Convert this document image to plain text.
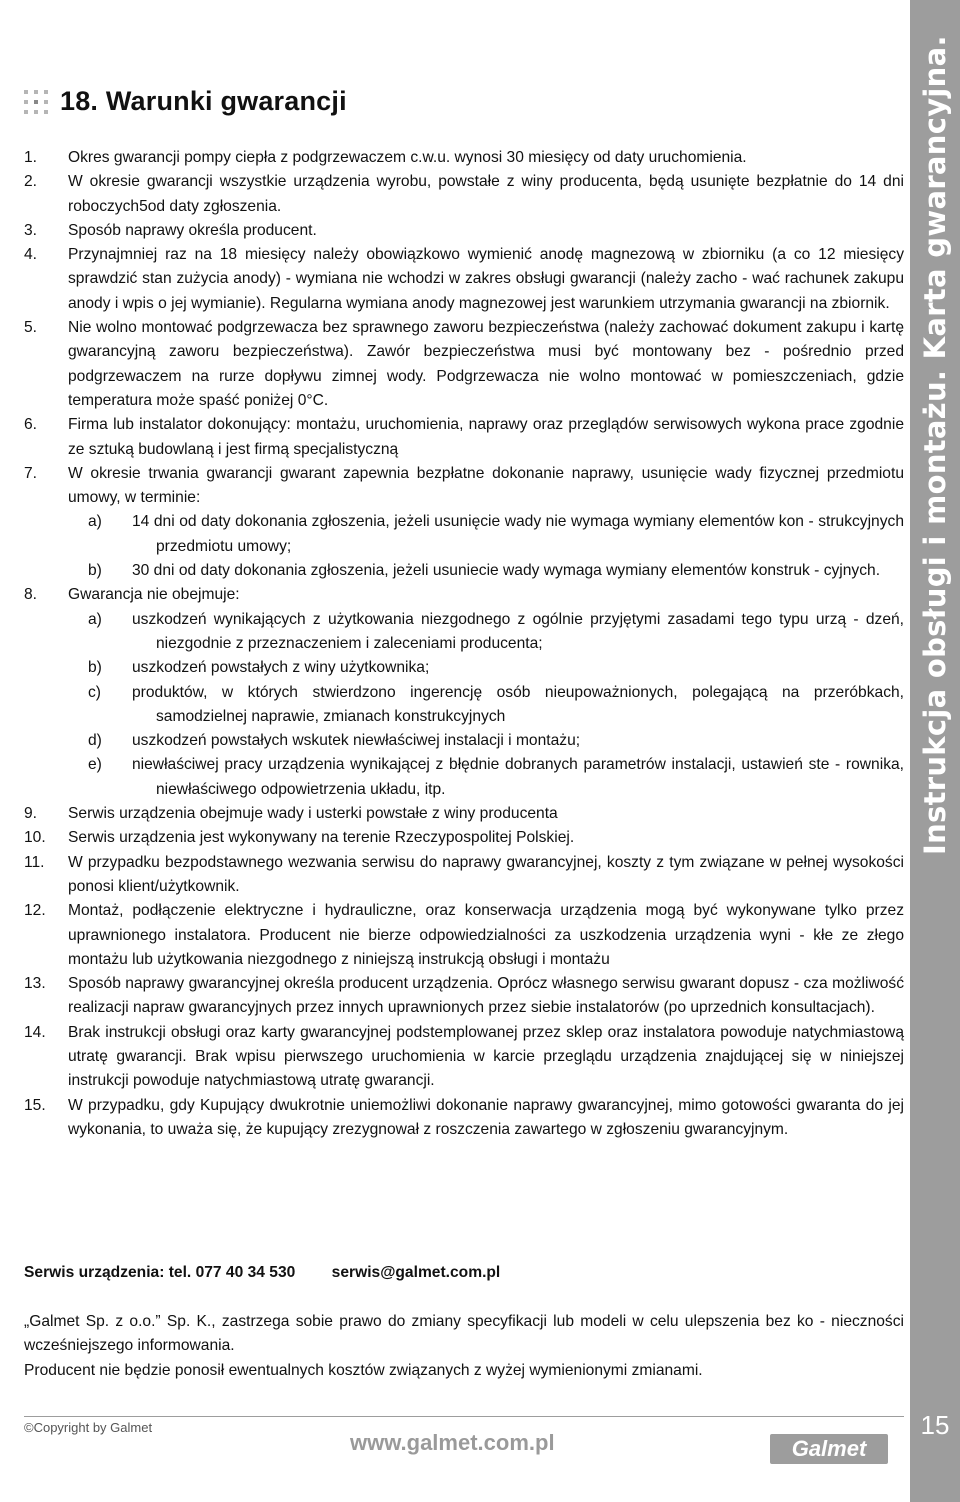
Instrukcja obsługi i montażu. Karta gwarancyjna.
15
18. Warunki gwarancji
1. Okres gwarancji pompy ciepła z podgrzewaczem c.w.u. wynosi 30 miesięcy od daty uruchomienia.
2. W okresie gwarancji wszystkie urządzenia wyrobu, powstałe z winy producenta, będą usunięte bezpłatnie do 14 dni roboczych5od daty zgłoszenia.
3. Sposób naprawy określa producent.
4. Przynajmniej raz na 18 miesięcy należy obowiązkowo wymienić anodę magnezową w zbiorniku (a co 12 miesięcy sprawdzić stan zużycia anody) - wymiana nie wchodzi w zakres obsługi gwarancji (należy zacho - wać rachunek zakupu anody i wpis o jej wymianie). Regularna wymiana anody magnezowej jest warunkiem utrzymania gwarancji na zbiornik.
5. Nie wolno montować podgrzewacza bez sprawnego zaworu bezpieczeństwa (należy zachować dokument zakupu i kartę gwarancyjną zaworu bezpieczeństwa). Zawór bezpieczeństwa musi być montowany bez - pośrednio przed podgrzewaczem na rurze dopływu zimnej wody. Podgrzewacza nie wolno montować w pomieszczeniach, gdzie temperatura może spaść poniżej 0°C.
6. Firma lub instalator dokonujący: montażu, uruchomienia, naprawy oraz przeglądów serwisowych wykona prace zgodnie ze sztuką budowlaną i jest firmą specjalistyczną
7. W okresie trwania gwarancji gwarant zapewnia bezpłatne dokonanie naprawy, usunięcie wady fizycznej przedmiotu umowy, w terminie:
a) 14 dni od daty dokonania zgłoszenia, jeżeli usunięcie wady nie wymaga wymiany elementów kon - strukcyjnych przedmiotu umowy;
b) 30 dni od daty dokonania zgłoszenia, jeżeli usuniecie wady wymaga wymiany elementów konstruk - cyjnych.
8. Gwarancja nie obejmuje:
a) uszkodzeń wynikających z użytkowania niezgodnego z ogólnie przyjętymi zasadami tego typu urzą - dzeń, niezgodnie z przeznaczeniem i zaleceniami producenta;
b) uszkodzeń powstałych z winy użytkownika;
c) produktów, w których stwierdzono ingerencję osób nieupoważnionych, polegającą na przeróbkach, samodzielnej naprawie, zmianach konstrukcyjnych
d) uszkodzeń powstałych wskutek niewłaściwej instalacji i montażu;
e) niewłaściwej pracy urządzenia wynikającej z błędnie dobranych parametrów instalacji, ustawień ste - rownika, niewłaściwego odpowietrzenia układu, itp.
9. Serwis urządzenia obejmuje wady i usterki powstałe z winy producenta
10. Serwis urządzenia jest wykonywany na terenie Rzeczypospolitej Polskiej.
11. W przypadku bezpodstawnego wezwania serwisu do naprawy gwarancyjnej, koszty z tym związane w pełnej wysokości ponosi klient/użytkownik.
12. Montaż, podłączenie elektryczne i hydrauliczne, oraz konserwacja urządzenia mogą być wykonywane tylko przez uprawnionego instalatora. Producent nie bierze odpowiedzialności za uszkodzenia urządzenia wyni - kłe ze złego montażu lub użytkowania niezgodnego z niniejszą instrukcją obsługi i montażu
13. Sposób naprawy gwarancyjnej określa producent urządzenia. Oprócz własnego serwisu gwarant dopusz - cza możliwość realizacji napraw gwarancyjnych przez innych uprawnionych przez siebie instalatorów (po uprzednich konsultacjach).
14. Brak instrukcji obsługi oraz karty gwarancyjnej podstemplowanej przez sklep oraz instalatora powoduje natychmiastową utratę gwarancji. Brak wpisu pierwszego uruchomienia w karcie przeglądu urządzenia znajdującej się w niniejszej instrukcji powoduje natychmiastową utratę gwarancji.
15. W przypadku, gdy Kupujący dwukrotnie uniemożliwi dokonanie naprawy gwarancyjnej, mimo gotowości gwaranta do jej wykonania, to uważa się, że kupujący zrezygnował z roszczenia zawartego w zgłoszeniu gwarancyjnym.
Serwis urządzenia: tel. 077 40 34 530 serwis@galmet.com.pl

„Galmet Sp. z o.o.” Sp. K., zastrzega sobie prawo do zmiany specyfikacji lub modeli w celu ulepszenia bez ko - nieczności wcześniejszego informowania.

Producent nie będzie ponosił ewentualnych kosztów związanych z wyżej wymienionymi zmianami.

©Copyright by Galmet
www.galmet.com.pl	Galmet
